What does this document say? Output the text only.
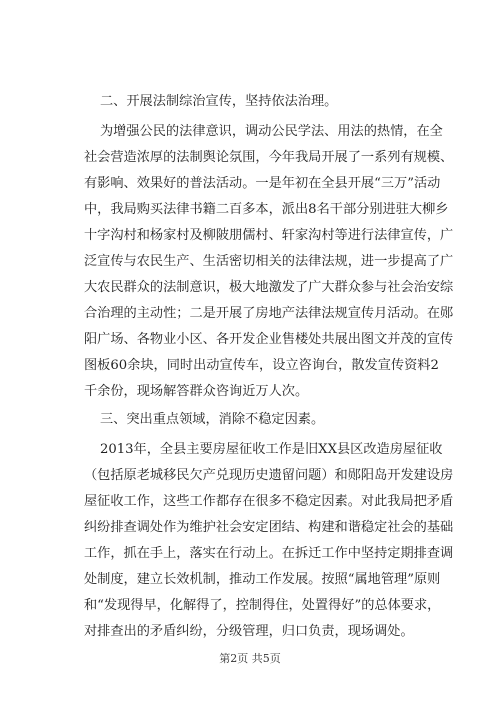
二、开展法制综治宣传，坚持依法治理。
为增强公民的法律意识，调动公民学法、用法的热情，在全
社会营造浓厚的法制舆论氛围，今年我局开展了一系列有规模、
有影响、效果好的普法活动。一是年初在全县开展“三万”活动
中，我局购买法律书籍二百多本，派出8名干部分别进驻大柳乡
十字沟村和杨家村及柳陂朋儒村、轩家沟村等进行法律宣传，广
泛宣传与农民生产、生活密切相关的法律法规，进一步提高了广
大农民群众的法制意识，极大地激发了广大群众参与社会治安综
合治理的主动性；二是开展了房地产法律法规宣传月活动。在郧
阳广场、各物业小区、各开发企业售楼处共展出图文并茂的宣传
图板60余块，同时出动宣传车，设立咨询台，散发宣传资料2
千余份，现场解答群众咨询近万人次。
三、突出重点领域，消除不稳定因素。
2013年，全县主要房屋征收工作是旧XX县区改造房屋征收
（包括原老城移民欠产兑现历史遗留问题）和郧阳岛开发建设房
屋征收工作，这些工作都存在很多不稳定因素。对此我局把矛盾
纠纷排查调处作为维护社会安定团结、构建和谐稳定社会的基础
工作，抓在手上，落实在行动上。在拆迁工作中坚持定期排查调
处制度，建立长效机制，推动工作发展。按照“属地管理”原则
和“发现得早，化解得了，控制得住，处置得好”的总体要求，
对排查出的矛盾纠纷，分级管理，归口负责，现场调处。
第2页 共5页
